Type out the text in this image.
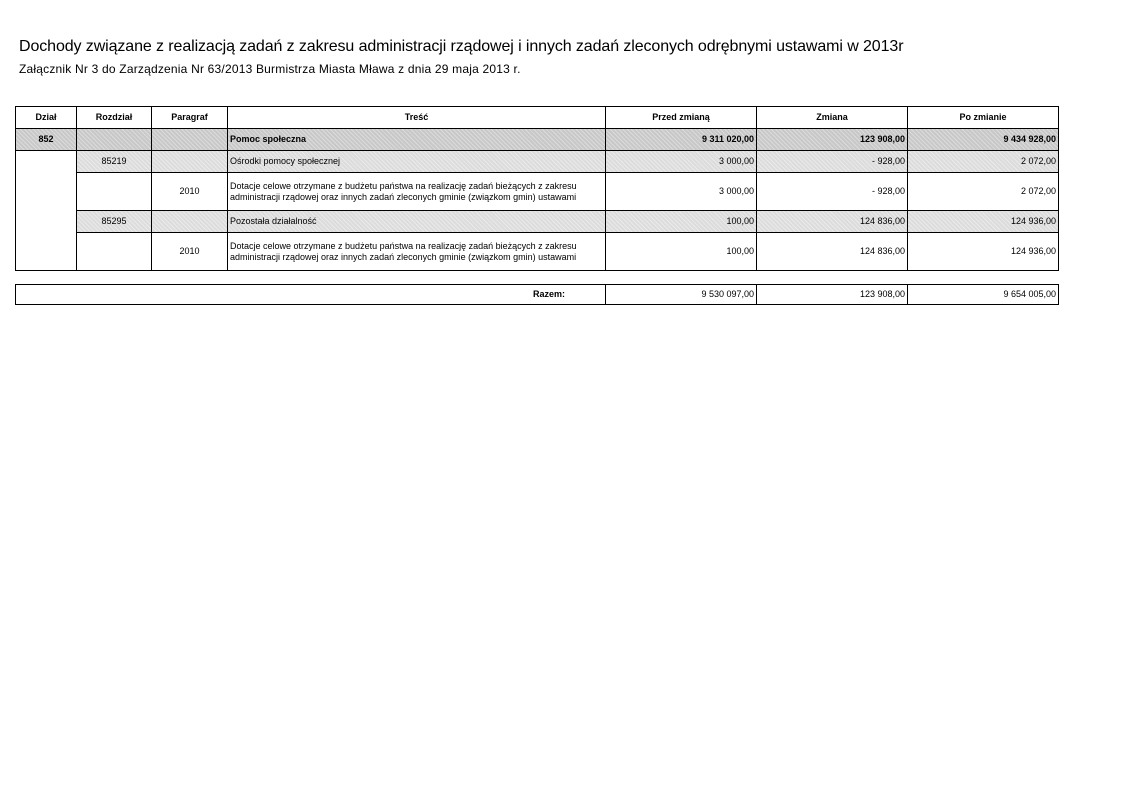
Dochody związane z realizacją zadań z zakresu administracji rządowej i innych zadań zleconych odrębnymi ustawami w 2013r
Załącznik Nr 3 do Zarządzenia Nr 63/2013 Burmistrza Miasta Mława z dnia 29 maja 2013 r.
Dział	Rozdział	Paragraf	Treść	Przed zmianą	Zmiana	Po zmianie
852			Pomoc społeczna	9 311 020,00	123 908,00	9 434 928,00
	85219		Ośrodki pomocy społecznej	3 000,00	- 928,00	2 072,00
		2010	Dotacje celowe otrzymane z budżetu państwa na realizację zadań bieżących z zakresu administracji rządowej oraz innych zadań zleconych gminie (związkom gmin) ustawami	3 000,00	- 928,00	2 072,00
	85295		Pozostała działalność	100,00	124 836,00	124 936,00
		2010	Dotacje celowe otrzymane z budżetu państwa na realizację zadań bieżących z zakresu administracji rządowej oraz innych zadań zleconych gminie (związkom gmin) ustawami	100,00	124 836,00	124 936,00
Razem:	9 530 097,00	123 908,00	9 654 005,00
